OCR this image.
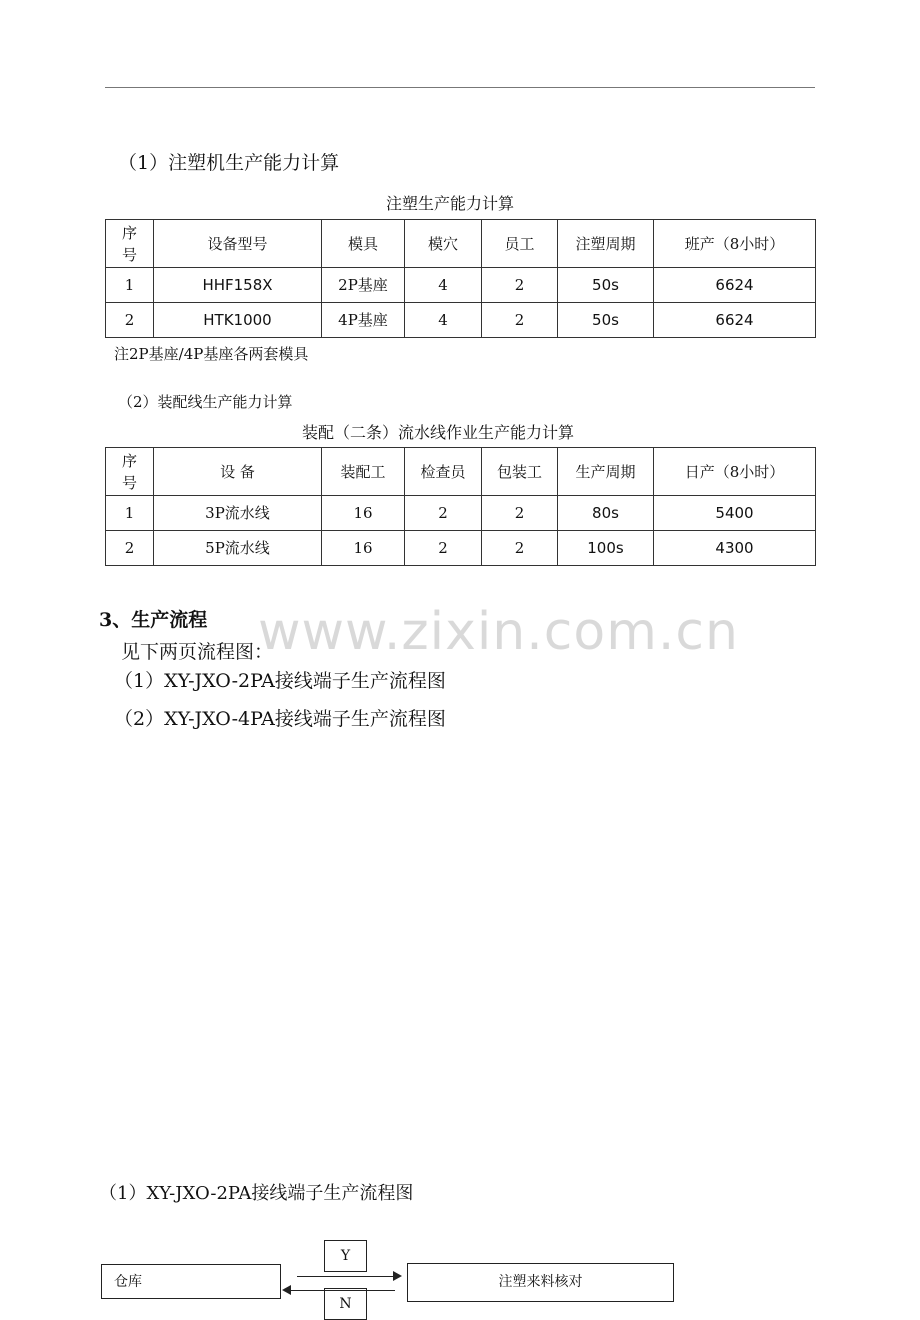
（1）注塑机生产能力计算
注塑生产能力计算
序号	设备型号	模具	模穴	员工	注塑周期	班产（8小时）
1	HHF158X	2P基座	4	2	50s	6624
2	HTK1000	4P基座	4	2	50s	6624
注2P基座/4P基座各两套模具
（2）装配线生产能力计算
装配（二条）流水线作业生产能力计算
序号	设 备	装配工	检查员	包装工	生产周期	日产（8小时）
1	3P流水线	16	2	2	80s	5400
2	5P流水线	16	2	2	100s	4300
3、生产流程
见下两页流程图：
（1）XY-JXO-2PA接线端子生产流程图
（2）XY-JXO-4PA接线端子生产流程图
www.zixin.com.cn
（1）XY-JXO-2PA接线端子生产流程图
Y
N
仓库	注塑来料核对
